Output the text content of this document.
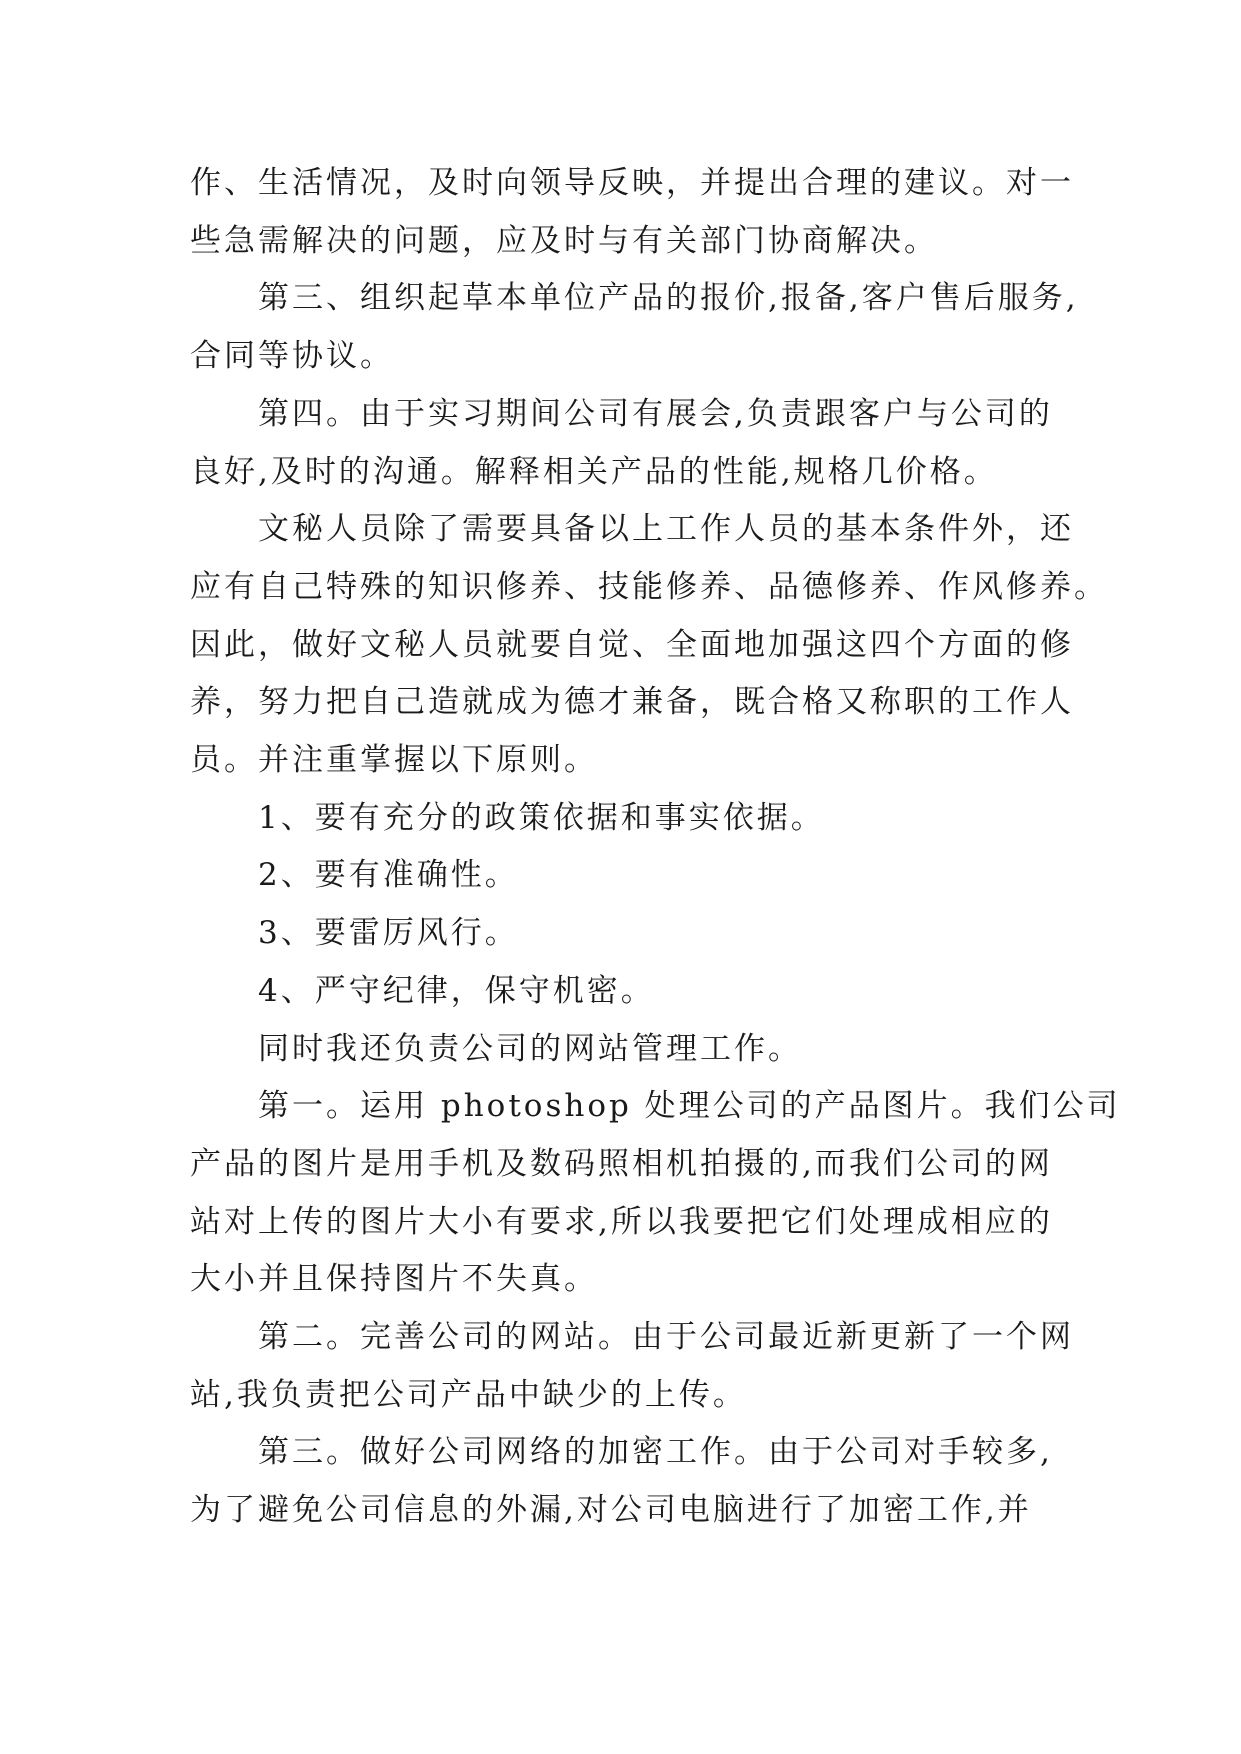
作、生活情况，及时向领导反映，并提出合理的建议。对一
些急需解决的问题，应及时与有关部门协商解决。
第三、组织起草本单位产品的报价,报备,客户售后服务,
合同等协议。
第四。由于实习期间公司有展会,负责跟客户与公司的
良好,及时的沟通。解释相关产品的性能,规格几价格。
文秘人员除了需要具备以上工作人员的基本条件外，还
应有自己特殊的知识修养、技能修养、品德修养、作风修养。
因此，做好文秘人员就要自觉、全面地加强这四个方面的修
养，努力把自己造就成为德才兼备，既合格又称职的工作人
员。并注重掌握以下原则。
1、要有充分的政策依据和事实依据。
2、要有准确性。
3、要雷厉风行。
4、严守纪律，保守机密。
同时我还负责公司的网站管理工作。
第一。运用 photoshop 处理公司的产品图片。我们公司
产品的图片是用手机及数码照相机拍摄的,而我们公司的网
站对上传的图片大小有要求,所以我要把它们处理成相应的
大小并且保持图片不失真。
第二。完善公司的网站。由于公司最近新更新了一个网
站,我负责把公司产品中缺少的上传。
第三。做好公司网络的加密工作。由于公司对手较多,
为了避免公司信息的外漏,对公司电脑进行了加密工作,并
